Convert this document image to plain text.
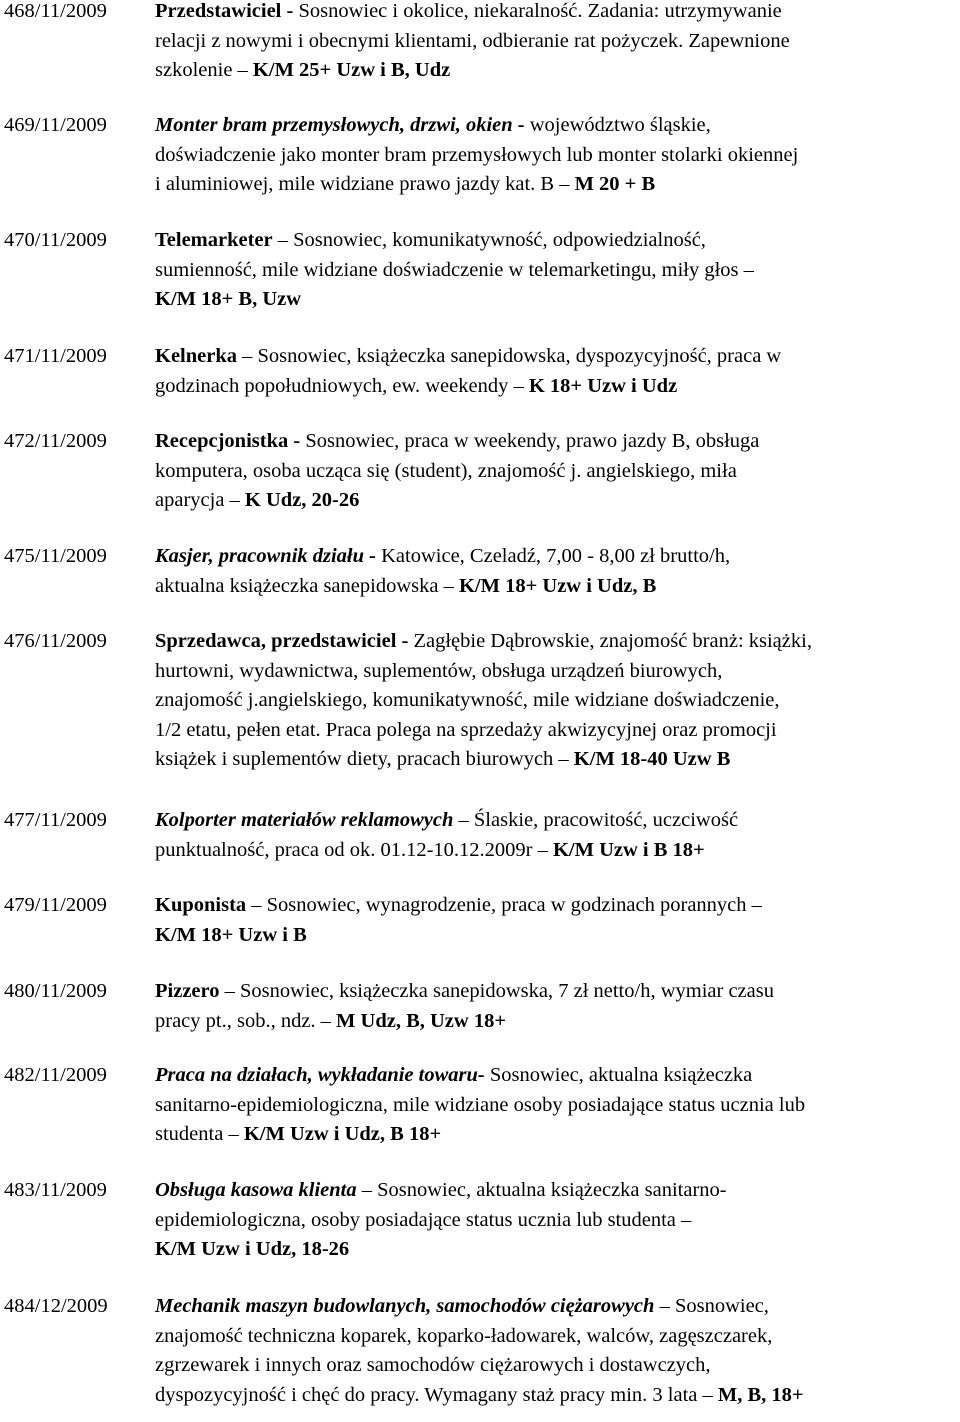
468/11/2009 Przedstawiciel - Sosnowiec i okolice, niekaralność. Zadania: utrzymywanie
relacji z nowymi i obecnymi klientami, odbieranie rat pożyczek. Zapewnione
szkolenie – K/M 25+ Uzw i B, Udz
469/11/2009 Monter bram przemysłowych, drzwi, okien - województwo śląskie,
doświadczenie jako monter bram przemysłowych lub monter stolarki okiennej
i aluminiowej, mile widziane prawo jazdy kat. B – M 20 + B
470/11/2009 Telemarketer – Sosnowiec, komunikatywność, odpowiedzialność,
sumienność, mile widziane doświadczenie w telemarketingu, miły głos –
K/M 18+ B, Uzw
471/11/2009 Kelnerka – Sosnowiec, książeczka sanepidowska, dyspozycyjność, praca w
godzinach popołudniowych, ew. weekendy – K 18+ Uzw i Udz
472/11/2009 Recepcjonistka - Sosnowiec, praca w weekendy, prawo jazdy B, obsługa
komputera, osoba ucząca się (student), znajomość j. angielskiego, miła
aparycja – K Udz, 20-26
475/11/2009 Kasjer, pracownik działu - Katowice, Czeladź, 7,00 - 8,00 zł brutto/h,
aktualna książeczka sanepidowska – K/M 18+ Uzw i Udz, B
476/11/2009 Sprzedawca, przedstawiciel - Zagłębie Dąbrowskie, znajomość branż: książki,
hurtowni, wydawnictwa, suplementów, obsługa urządzeń biurowych,
znajomość j.angielskiego, komunikatywność, mile widziane doświadczenie,
1/2 etatu, pełen etat. Praca polega na sprzedaży akwizycyjnej oraz promocji
książek i suplementów diety, pracach biurowych – K/M 18-40 Uzw B
477/11/2009 Kolporter materiałów reklamowych – Ślaskie, pracowitość, uczciwość
punktualność, praca od ok. 01.12-10.12.2009r – K/M Uzw i B 18+
479/11/2009 Kuponista – Sosnowiec, wynagrodzenie, praca w godzinach porannych –
K/M 18+ Uzw i B
480/11/2009 Pizzero – Sosnowiec, książeczka sanepidowska, 7 zł netto/h, wymiar czasu
pracy pt., sob., ndz. – M Udz, B, Uzw 18+
482/11/2009 Praca na działach, wykładanie towaru- Sosnowiec, aktualna książeczka
sanitarno-epidemiologiczna, mile widziane osoby posiadające status ucznia lub
studenta – K/M Uzw i Udz, B 18+
483/11/2009 Obsługa kasowa klienta – Sosnowiec, aktualna książeczka sanitarno-
epidemiologiczna, osoby posiadające status ucznia lub studenta –
K/M Uzw i Udz, 18-26
484/12/2009 Mechanik maszyn budowlanych, samochodów ciężarowych – Sosnowiec,
znajomość techniczna koparek, koparko-ładowarek, walców, zagęszczarek,
zgrzewarek i innych oraz samochodów ciężarowych i dostawczych,
dyspozycyjność i chęć do pracy. Wymagany staż pracy min. 3 lata – M, B, 18+
